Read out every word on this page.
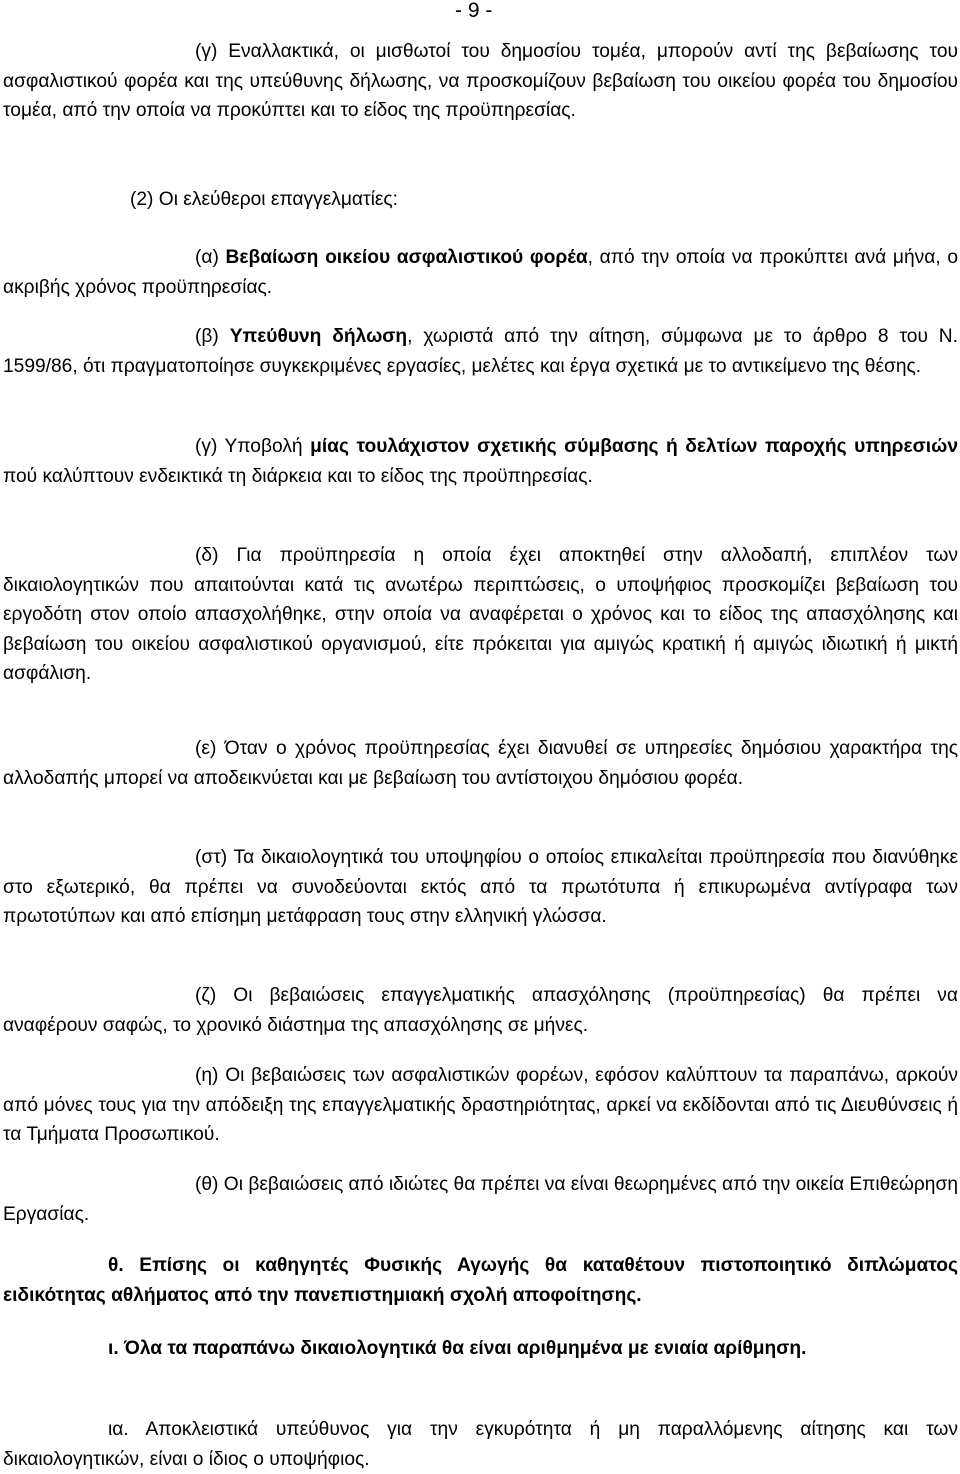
- 9 -

(γ) Εναλλακτικά, οι μισθωτοί του δημοσίου τομέα, μπορούν αντί της βεβαίωσης του ασφαλιστικού φορέα και της υπεύθυνης δήλωσης, να προσκομίζουν βεβαίωση του οικείου φορέα του δημοσίου τομέα, από την οποία να προκύπτει και το είδος της προϋπηρεσίας.

(2) Οι ελεύθεροι επαγγελματίες:

(α) Βεβαίωση οικείου ασφαλιστικού φορέα, από την οποία να προκύπτει ανά μήνα, ο ακριβής χρόνος προϋπηρεσίας.

(β) Υπεύθυνη δήλωση, χωριστά από την αίτηση, σύμφωνα με το άρθρο 8 του Ν. 1599/86, ότι πραγματοποίησε συγκεκριμένες εργασίες, μελέτες και έργα σχετικά με το αντικείμενο της θέσης.

(γ) Υποβολή μίας τουλάχιστον σχετικής σύμβασης ή δελτίων παροχής υπηρεσιών πού καλύπτουν ενδεικτικά τη διάρκεια και το είδος της προϋπηρεσίας.

(δ) Για προϋπηρεσία η οποία έχει αποκτηθεί στην αλλοδαπή, επιπλέον των δικαιολογητικών που απαιτούνται κατά τις ανωτέρω περιπτώσεις, ο υποψήφιος προσκομίζει βεβαίωση του εργοδότη στον οποίο απασχολήθηκε, στην οποία να αναφέρεται ο χρόνος και το είδος της απασχόλησης και βεβαίωση του οικείου ασφαλιστικού οργανισμού, είτε πρόκειται για αμιγώς κρατική ή αμιγώς ιδιωτική ή μικτή ασφάλιση.

(ε) Όταν ο χρόνος προϋπηρεσίας έχει διανυθεί σε υπηρεσίες δημόσιου χαρακτήρα της αλλοδαπής μπορεί να αποδεικνύεται και με βεβαίωση του αντίστοιχου δημόσιου φορέα.

(στ) Τα δικαιολογητικά του υποψηφίου ο οποίος επικαλείται προϋπηρεσία που διανύθηκε στο εξωτερικό, θα πρέπει να συνοδεύονται εκτός από τα πρωτότυπα ή επικυρωμένα αντίγραφα των πρωτοτύπων και από επίσημη μετάφραση τους στην ελληνική γλώσσα.

(ζ) Οι βεβαιώσεις επαγγελματικής απασχόλησης (προϋπηρεσίας) θα πρέπει να αναφέρουν σαφώς, το χρονικό διάστημα της απασχόλησης σε μήνες.

(η) Οι βεβαιώσεις των ασφαλιστικών φορέων, εφόσον καλύπτουν τα παραπάνω, αρκούν από μόνες τους για την απόδειξη της επαγγελματικής δραστηριότητας, αρκεί να εκδίδονται από τις Διευθύνσεις ή τα Τμήματα Προσωπικού.

(θ) Οι βεβαιώσεις από ιδιώτες θα πρέπει να είναι θεωρημένες από την οικεία Επιθεώρηση Εργασίας.

θ. Επίσης οι καθηγητές Φυσικής Αγωγής θα καταθέτουν πιστοποιητικό διπλώματος ειδικότητας αθλήματος από την πανεπιστημιακή σχολή αποφοίτησης.

ι. Όλα τα παραπάνω δικαιολογητικά θα είναι αριθμημένα με ενιαία αρίθμηση.

ια. Αποκλειστικά υπεύθυνος για την εγκυρότητα ή μη παραλλόμενης αίτησης και των δικαιολογητικών, είναι ο ίδιος ο υποψήφιος.
